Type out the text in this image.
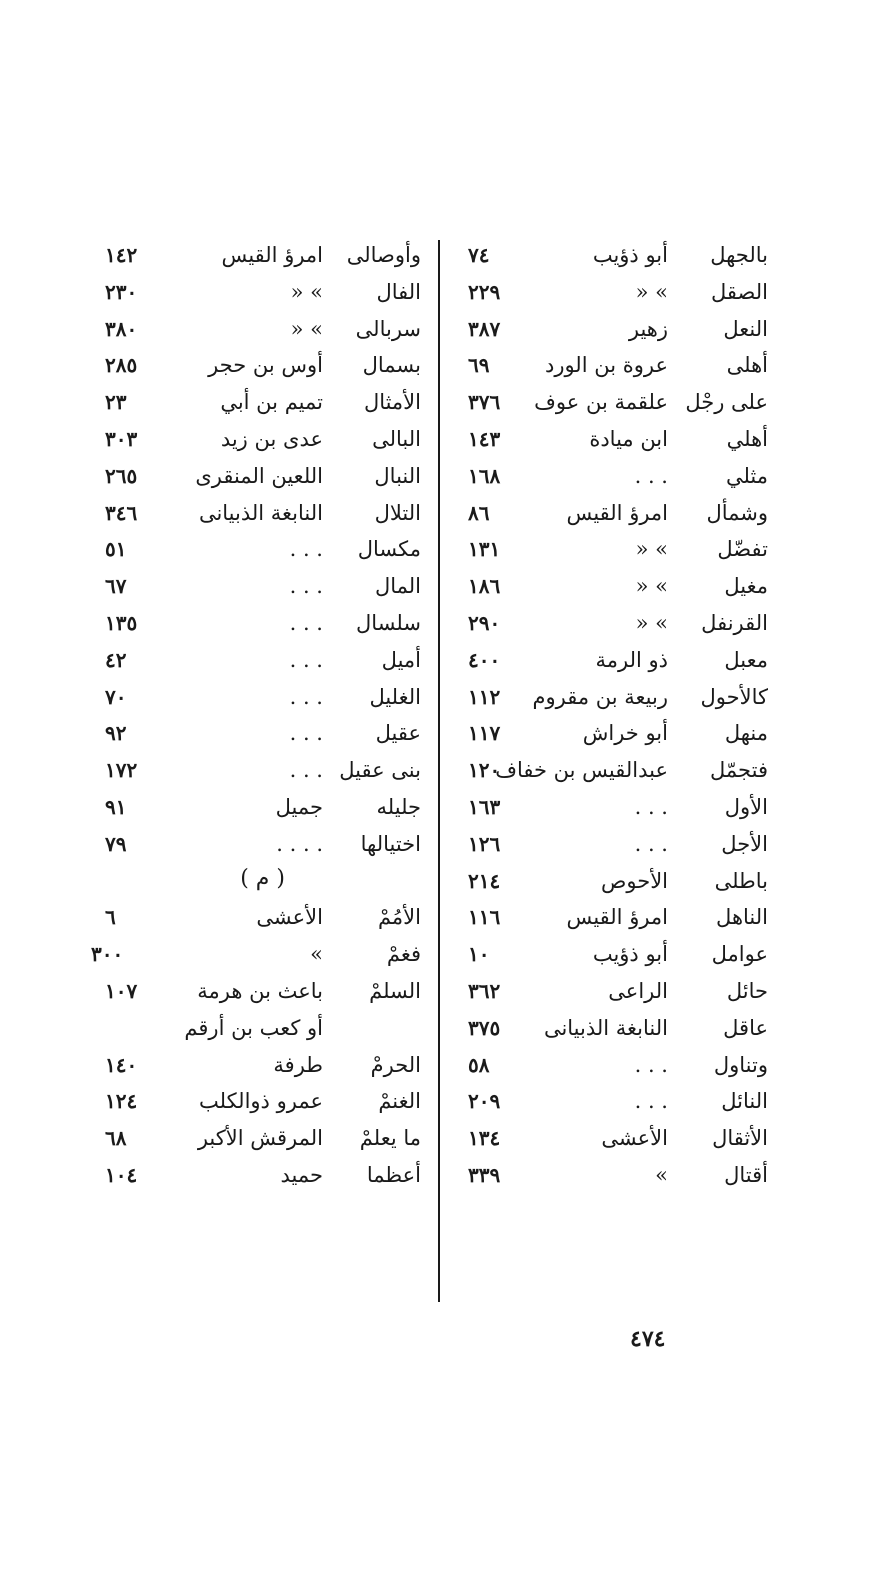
بالجهل
أبو ذؤيب
٧٤
الصقل
» «
٢٢٩
النعل
زهير
٣٨٧
أهلى
عروة بن الورد
٦٩
على رجْل
علقمة بن عوف
٣٧٦
أهلي
ابن ميادة
١٤٣
مثلي
. . .
١٦٨
وشمأل
امرؤ القيس
٨٦
تفضّل
» «
١٣١
مغيل
» «
١٨٦
القرنفل
» «
٢٩٠
معبل
ذو الرمة
٤٠٠
كالأحول
ربيعة بن مقروم
١١٢
منهل
أبو خراش
١١٧
فتجمّل
عبدالقيس بن خفاف
١٢٠
الأول
. . .
١٦٣
الأجل
. . .
١٢٦
باطلى
الأحوص
٢١٤
الناهل
امرؤ القيس
١١٦
عوامل
أبو ذؤيب
١٠
حائل
الراعى
٣٦٢
عاقل
النابغة الذبيانى
٣٧٥
وتناول
. . .
٥٨
النائل
. . .
٢٠٩
الأثقال
الأعشى
١٣٤
أقتال
»
٣٣٩
وأوصالى
امرؤ القيس
١٤٢
الفال
» «
٢٣٠
سربالى
» «
٣٨٠
بسمال
أوس بن حجر
٢٨٥
الأمثال
تميم بن أبي
٢٣
البالى
عدى بن زيد
٣٠٣
النبال
اللعين المنقرى
٢٦٥
التلال
النابغة الذبيانى
٣٤٦
مكسال
. . .
٥١
المال
. . .
٦٧
سلسال
. . .
١٣٥
أميل
. . .
٤٢
الغليل
. . .
٧٠
عقيل
. . .
٩٢
بنى عقيل
. . .
١٧٢
جليله
جميل
٩١
اختيالها
. . . .
٧٩
( م )
الأمُمْ
الأعشى
٦
فغمْ
»
٣٠٠
السلمْ
باعث بن هرمة
١٠٧
أو كعب بن أرقم
الحرمْ
طرفة
١٤٠
الغنمْ
عمرو ذوالكلب
١٢٤
ما يعلمْ
المرقش الأكبر
٦٨
أعظما
حميد
١٠٤
٤٧٤
